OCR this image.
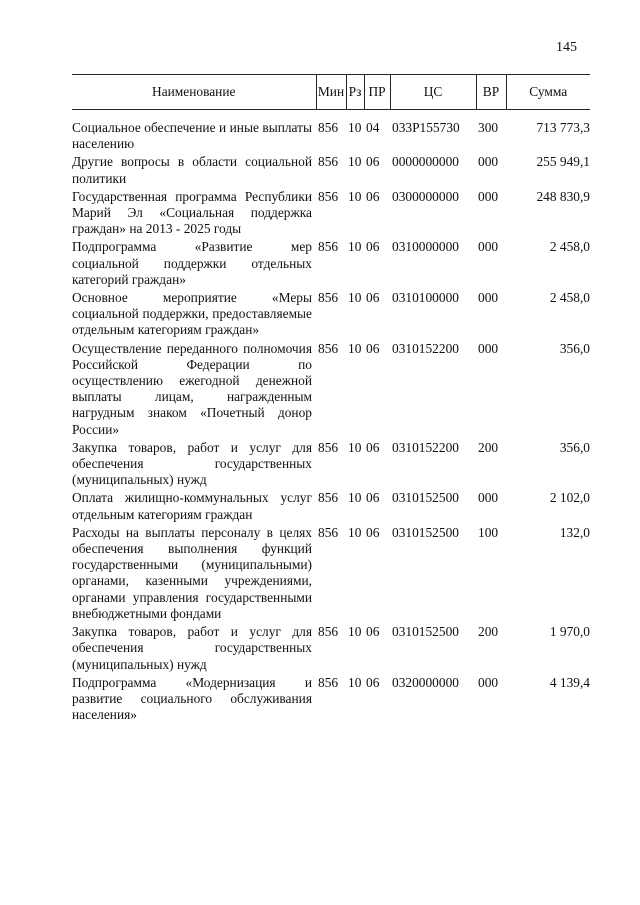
145
Наименование	Мин	Рз	ПР	ЦС	ВР	Сумма

Социальное обеспечение и иные выплаты населению	856	10	04	033Р155730	300	713 773,3
Другие вопросы в области социальной политики	856	10	06	0000000000	000	255 949,1
Государственная программа Республики Марий Эл «Социальная поддержка граждан» на 2013 - 2025 годы	856	10	06	0300000000	000	248 830,9
Подпрограмма «Развитие мер социальной поддержки отдельных категорий граждан»	856	10	06	0310000000	000	2 458,0
Основное мероприятие «Меры социальной поддержки, предоставляемые отдельным категориям граждан»	856	10	06	0310100000	000	2 458,0
Осуществление переданного полномочия Российской Федерации по осуществлению ежегодной денежной выплаты лицам, награжденным нагрудным знаком «Почетный донор России»	856	10	06	0310152200	000	356,0
Закупка товаров, работ и услуг для обеспечения государственных (муниципальных) нужд	856	10	06	0310152200	200	356,0
Оплата жилищно-коммунальных услуг отдельным категориям граждан	856	10	06	0310152500	000	2 102,0
Расходы на выплаты персоналу в целях обеспечения выполнения функций государственными (муниципальными) органами, казенными учреждениями, органами управления государственными внебюджетными фондами	856	10	06	0310152500	100	132,0
Закупка товаров, работ и услуг для обеспечения государственных (муниципальных) нужд	856	10	06	0310152500	200	1 970,0
Подпрограмма «Модернизация и развитие социального обслуживания населения»	856	10	06	0320000000	000	4 139,4
